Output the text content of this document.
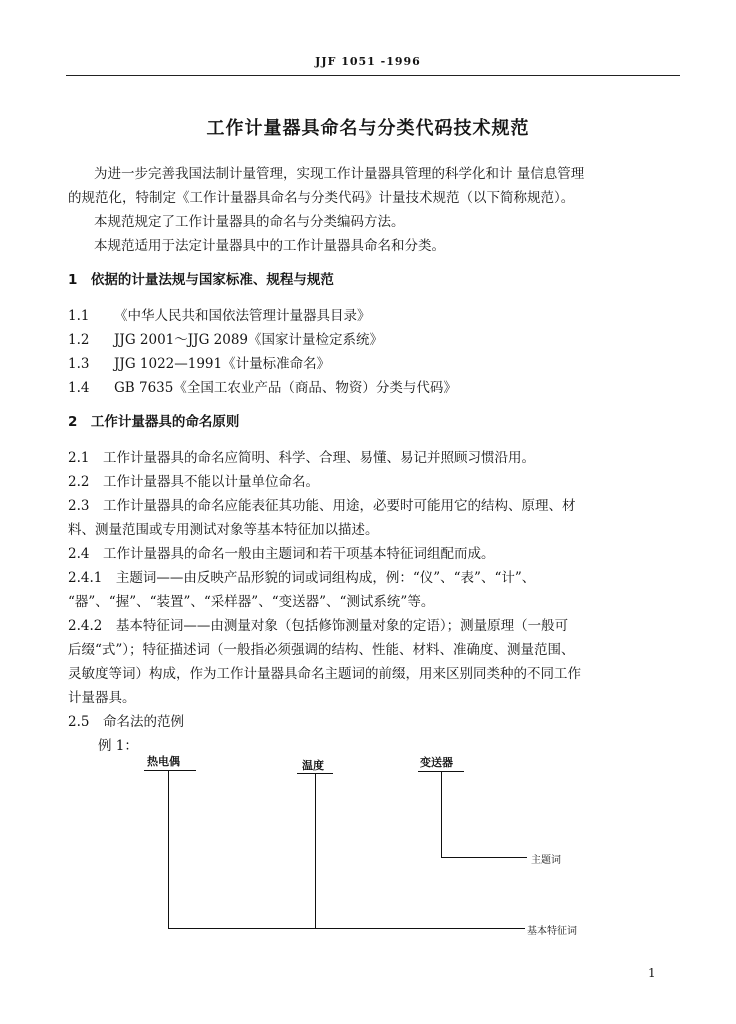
JJF 1051 -1996
工作计量器具命名与分类代码技术规范
为进一步完善我国法制计量管理，实现工作计量器具管理的科学化和计 ​量信息管理
的规范化，特制定《工作计量器具命名与分类代码》计量技术规范（以下简称规范）。
本规范规定了工作计量器具的命名与分类编码方法。
本规范适用于法定计量器具中的工作计量器具命名和分类。
1　依据的计量法规与国家标准、规程与规范
1.1 《中华人民共和国依法管理计量器具目录》
1.2 JJG 2001～JJG 2089《国家计量检定系统》
1.3 JJG 1022—1991《计量标准命名》
1.4 GB 7635《全国工农业产品（商品、物资）分类与代码》
2　工作计量器具的命名原则
2.1　工作计量器具的命名应简明、科学、合理、易懂、易记并照顾习惯沿用。
2.2　工作计量器具不能以计量单位命名。
2.3　工作计量器具的命名应能表征其功能、用途，必要时可能用它的结构、原理、材
料、测量范围或专用测试对象等基本特征加以描述。
2.4　工作计量器具的命名一般由主题词和若干项基本特征词组配而成。
2.4.1　主题词——由反映产品形貌的词或词组构成，例：“仪”、“表”、“计”、
“器”、“握”、“装置”、“采样器”、“变送器”、“测试系统”等。
2.4.2　基本特征词——由测量对象（包括修饰测量对象的定语）；测量原理（一般可
后缀“式”）；特征描述词（一般指必须强调的结构、性能、材料、准确度、测量范围、
灵敏度等词）构成，作为工作计量器具命名主题词的前缀，用来区别同类种的不同工作
计量器具。
2.5　命名法的范例
例 1：
热电偶	温度	变送器
主题词
基本特征词
1
